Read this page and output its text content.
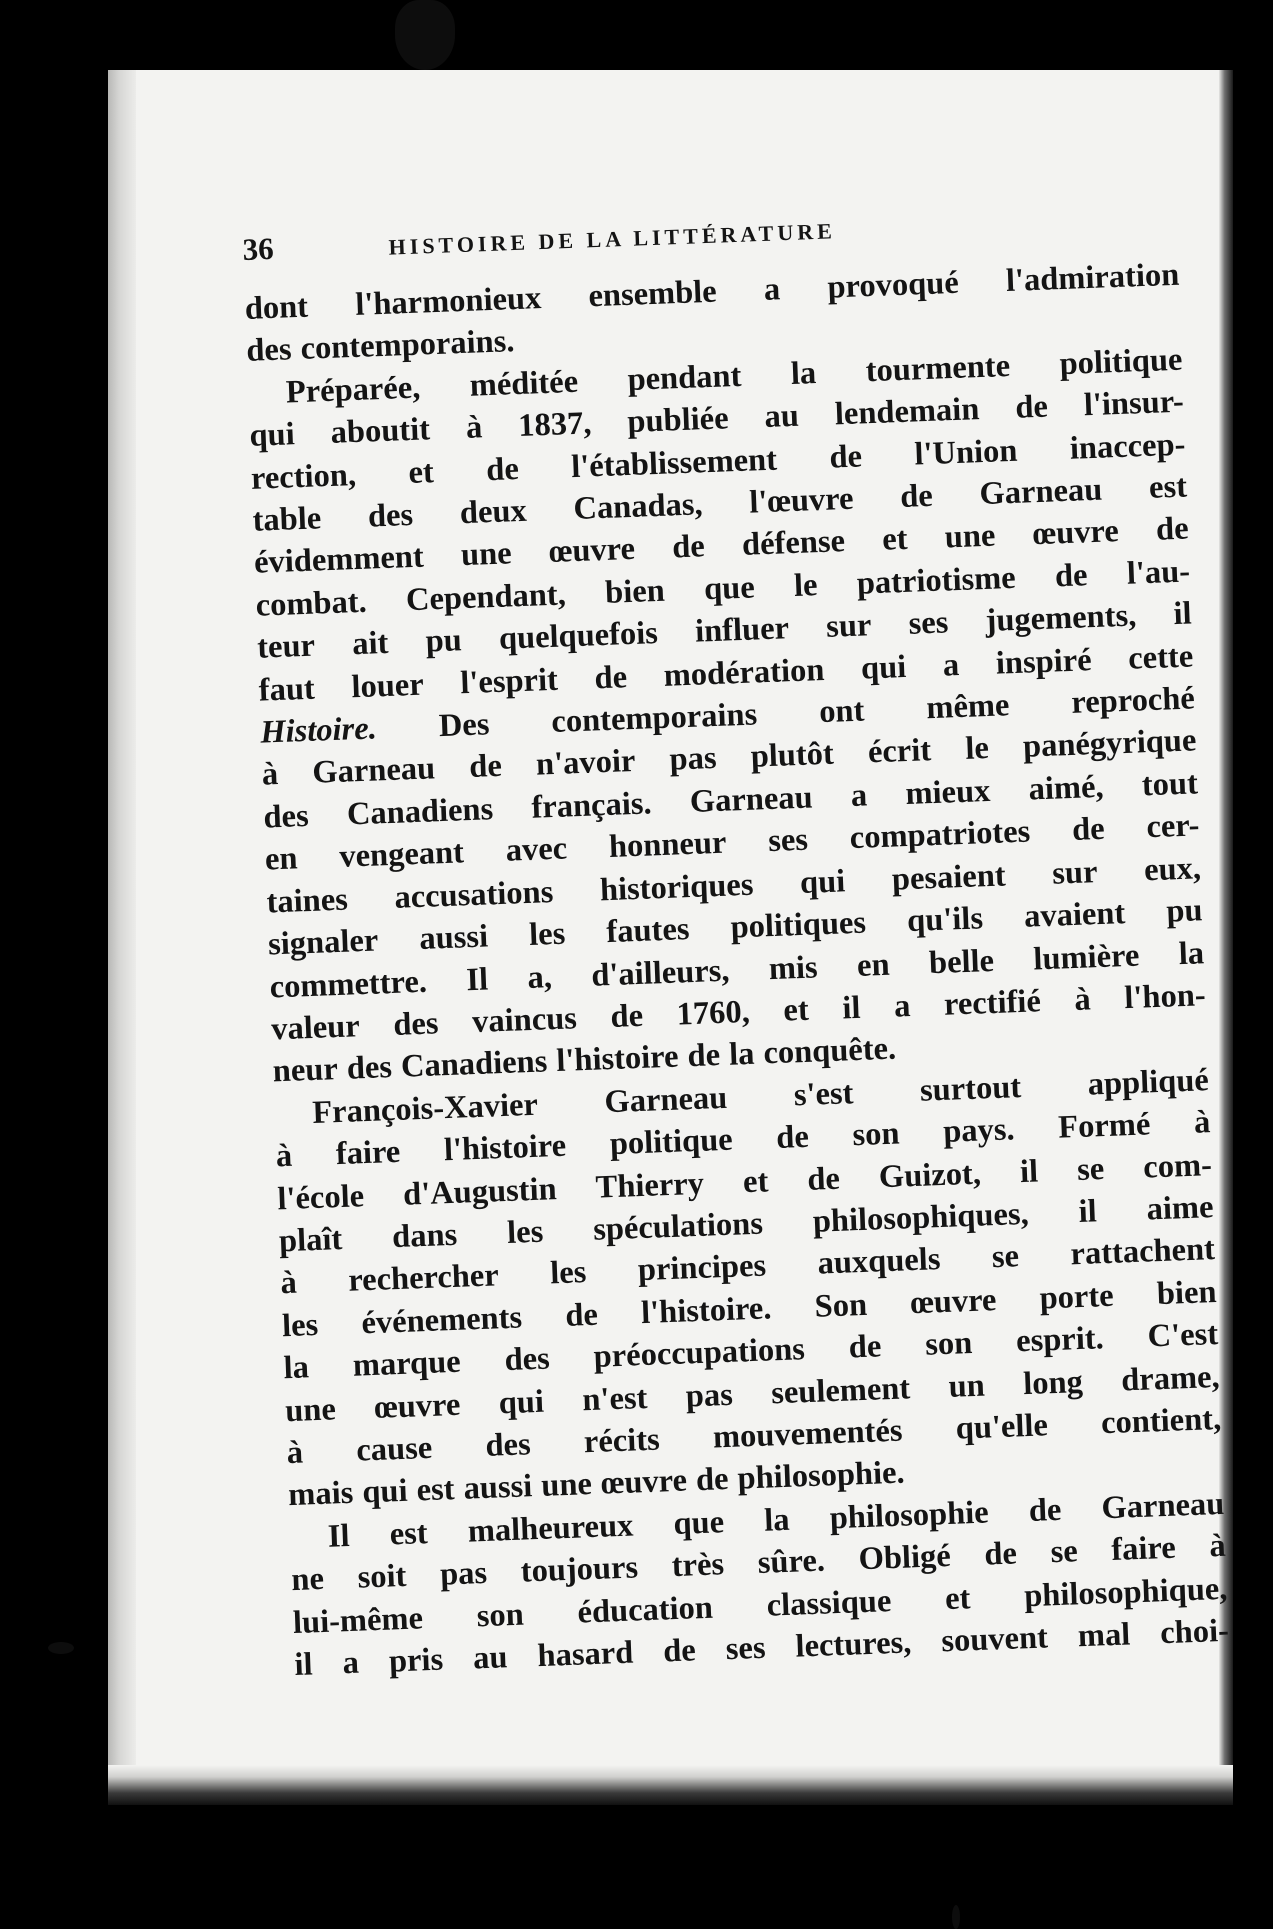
36	HISTOIRE DE LA LITTÉRATURE
dont l'harmonieux ensemble a provoqué l'admiration
des contemporains.
Préparée, méditée pendant la tourmente politique
qui aboutit à 1837, publiée au lendemain de l'insur-
rection, et de l'établissement de l'Union inaccep-
table des deux Canadas, l'œuvre de Garneau est
évidemment une œuvre de défense et une œuvre de
combat. Cependant, bien que le patriotisme de l'au-
teur ait pu quelquefois influer sur ses jugements, il
faut louer l'esprit de modération qui a inspiré cette
Histoire. Des contemporains ont même reproché
à Garneau de n'avoir pas plutôt écrit le panégyrique
des Canadiens français. Garneau a mieux aimé, tout
en vengeant avec honneur ses compatriotes de cer-
taines accusations historiques qui pesaient sur eux,
signaler aussi les fautes politiques qu'ils avaient pu
commettre. Il a, d'ailleurs, mis en belle lumière la
valeur des vaincus de 1760, et il a rectifié à l'hon-
neur des Canadiens l'histoire de la conquête.
François-Xavier Garneau s'est surtout appliqué
à faire l'histoire politique de son pays. Formé à
l'école d'Augustin Thierry et de Guizot, il se com-
plaît dans les spéculations philosophiques, il aime
à rechercher les principes auxquels se rattachent
les événements de l'histoire. Son œuvre porte bien
la marque des préoccupations de son esprit. C'est
une œuvre qui n'est pas seulement un long drame,
à cause des récits mouvementés qu'elle contient,
mais qui est aussi une œuvre de philosophie.
Il est malheureux que la philosophie de Garneau
ne soit pas toujours très sûre. Obligé de se faire à
lui-même son éducation classique et philosophique,
il a pris au hasard de ses lectures, souvent mal choi-
